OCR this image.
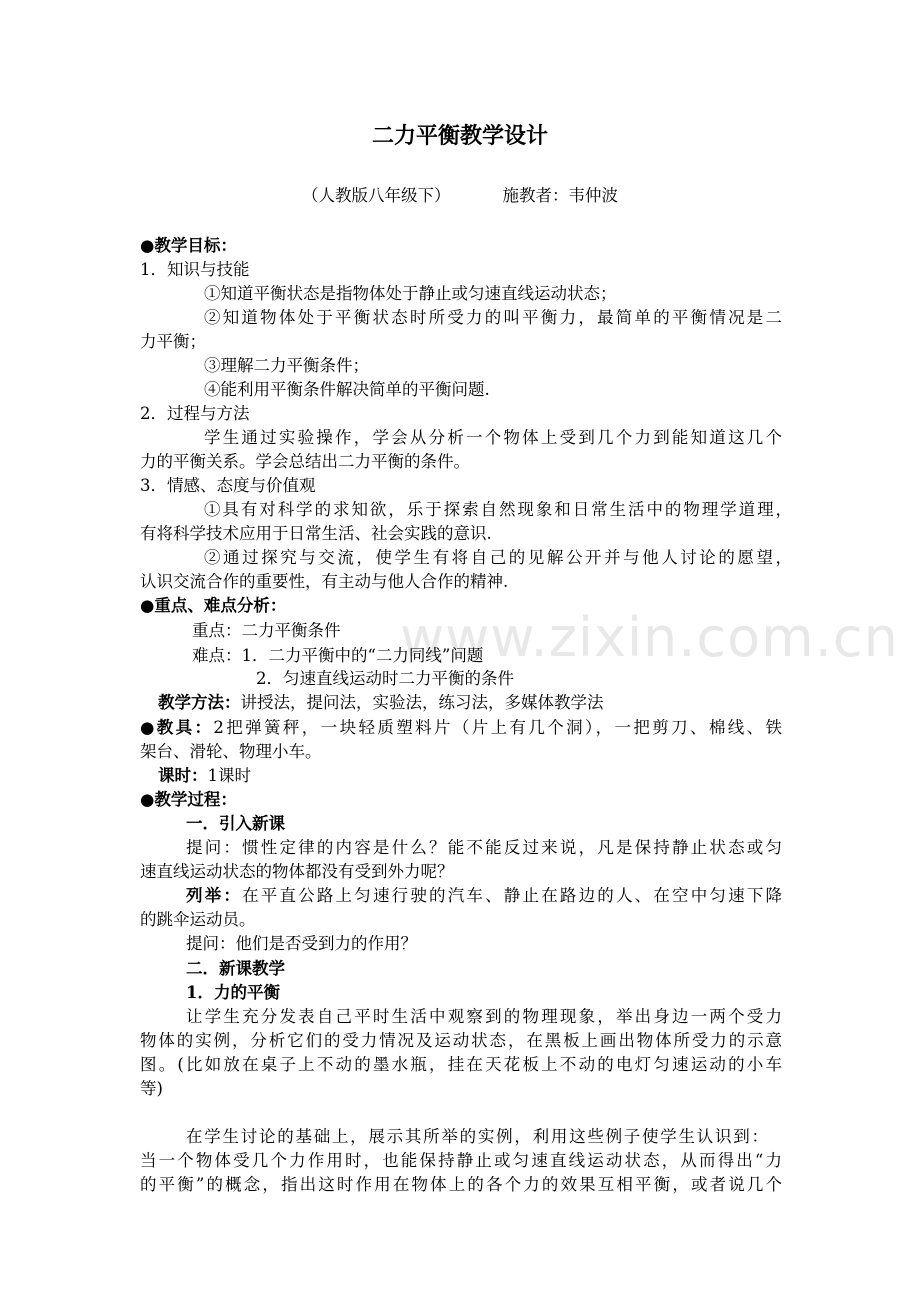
www.zixin.com.cn
二力平衡教学设计
（人教版八年级下）	施教者：韦仲波
●教学目标：
1．知识与技能
①知道平衡状态是指物体处于静止或匀速直线运动状态；
②知道物体处于平衡状态时所受力的叫平衡力，最简单的平衡情况是二
力平衡；
③理解二力平衡条件；
④能利用平衡条件解决简单的平衡问题.
2．过程与方法
学生通过实验操作，学会从分析一个物体上受到几个力到能知道这几个
力的平衡关系。学会总结出二力平衡的条件。
3．情感、态度与价值观
①具有对科学的求知欲，乐于探索自然现象和日常生活中的物理学道理，
有将科学技术应用于日常生活、社会实践的意识.
②通过探究与交流，使学生有将自己的见解公开并与他人讨论的愿望，
认识交流合作的重要性，有主动与他人合作的精神.
●重点、难点分析：
重点：二力平衡条件
难点：1．二力平衡中的“二力同线”问题
2．匀速直线运动时二力平衡的条件
教学方法：讲授法，提问法，实验法，练习法，多媒体教学法
●教具：2把弹簧秤，一块轻质塑料片（片上有几个洞），一把剪刀、棉线、铁
架台、滑轮、物理小车。
课时：1课时
●教学过程：
一．引入新课
提问：惯性定律的内容是什么？能不能反过来说，凡是保持静止状态或匀
速直线运动状态的物体都没有受到外力呢？
列举：在平直公路上匀速行驶的汽车、静止在路边的人、在空中匀速下降
的跳伞运动员。
提问：他们是否受到力的作用？
二．新课教学
1．力的平衡
让学生充分发表自己平时生活中观察到的物理现象，举出身边一两个受力
物体的实例，分析它们的受力情况及运动状态，在黑板上画出物体所受力的示意
图。(比如放在桌子上不动的墨水瓶，挂在天花板上不动的电灯匀速运动的小车
等)
在学生讨论的基础上，展示其所举的实例，利用这些例子使学生认识到：
当一个物体受几个力作用时，也能保持静止或匀速直线运动状态，从而得出“力
的平衡”的概念，指出这时作用在物体上的各个力的效果互相平衡，或者说几个
